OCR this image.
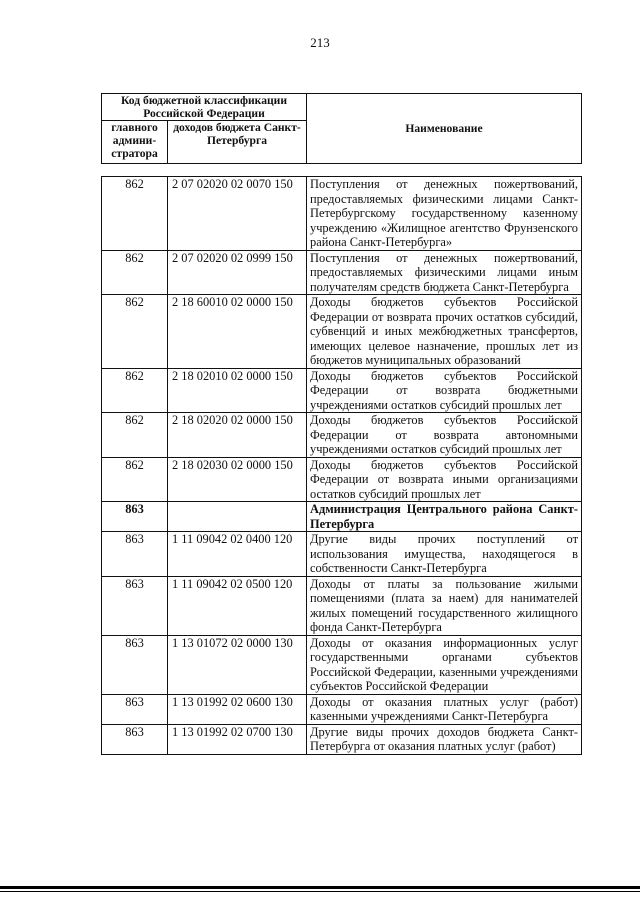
213
Код бюджетной классификации Российской Федерации		Наименование
главного админи-стратора	доходов бюджета Санкт-Петербурга	
862	2 07 02020 02 0070 150	Поступления от денежных пожертвований, предоставляемых физическими лицами Санкт-Петербургскому государственному казенному учреждению «Жилищное агентство Фрунзенского района Санкт-Петербурга»
862	2 07 02020 02 0999 150	Поступления от денежных пожертвований, предоставляемых физическими лицами иным получателям средств бюджета Санкт-Петербурга
862	2 18 60010 02 0000 150	Доходы бюджетов субъектов Российской Федерации от возврата прочих остатков субсидий, субвенций и иных межбюджетных трансфертов, имеющих целевое назначение, прошлых лет из бюджетов муниципальных образований
862	2 18 02010 02 0000 150	Доходы бюджетов субъектов Российской Федерации от возврата бюджетными учреждениями остатков субсидий прошлых лет
862	2 18 02020 02 0000 150	Доходы бюджетов субъектов Российской Федерации от возврата автономными учреждениями остатков субсидий прошлых лет
862	2 18 02030 02 0000 150	Доходы бюджетов субъектов Российской Федерации от возврата иными организациями остатков субсидий прошлых лет
863		Администрация Центрального района Санкт-Петербурга
863	1 11 09042 02 0400 120	Другие виды прочих поступлений от использования имущества, находящегося в собственности Санкт-Петербурга
863	1 11 09042 02 0500 120	Доходы от платы за пользование жилыми помещениями (плата за наем) для нанимателей жилых помещений государственного жилищного фонда Санкт-Петербурга
863	1 13 01072 02 0000 130	Доходы от оказания информационных услуг государственными органами субъектов Российской Федерации, казенными учреждениями субъектов Российской Федерации
863	1 13 01992 02 0600 130	Доходы от оказания платных услуг (работ) казенными учреждениями Санкт-Петербурга
863	1 13 01992 02 0700 130	Другие виды прочих доходов бюджета Санкт-Петербурга от оказания платных услуг (работ)
